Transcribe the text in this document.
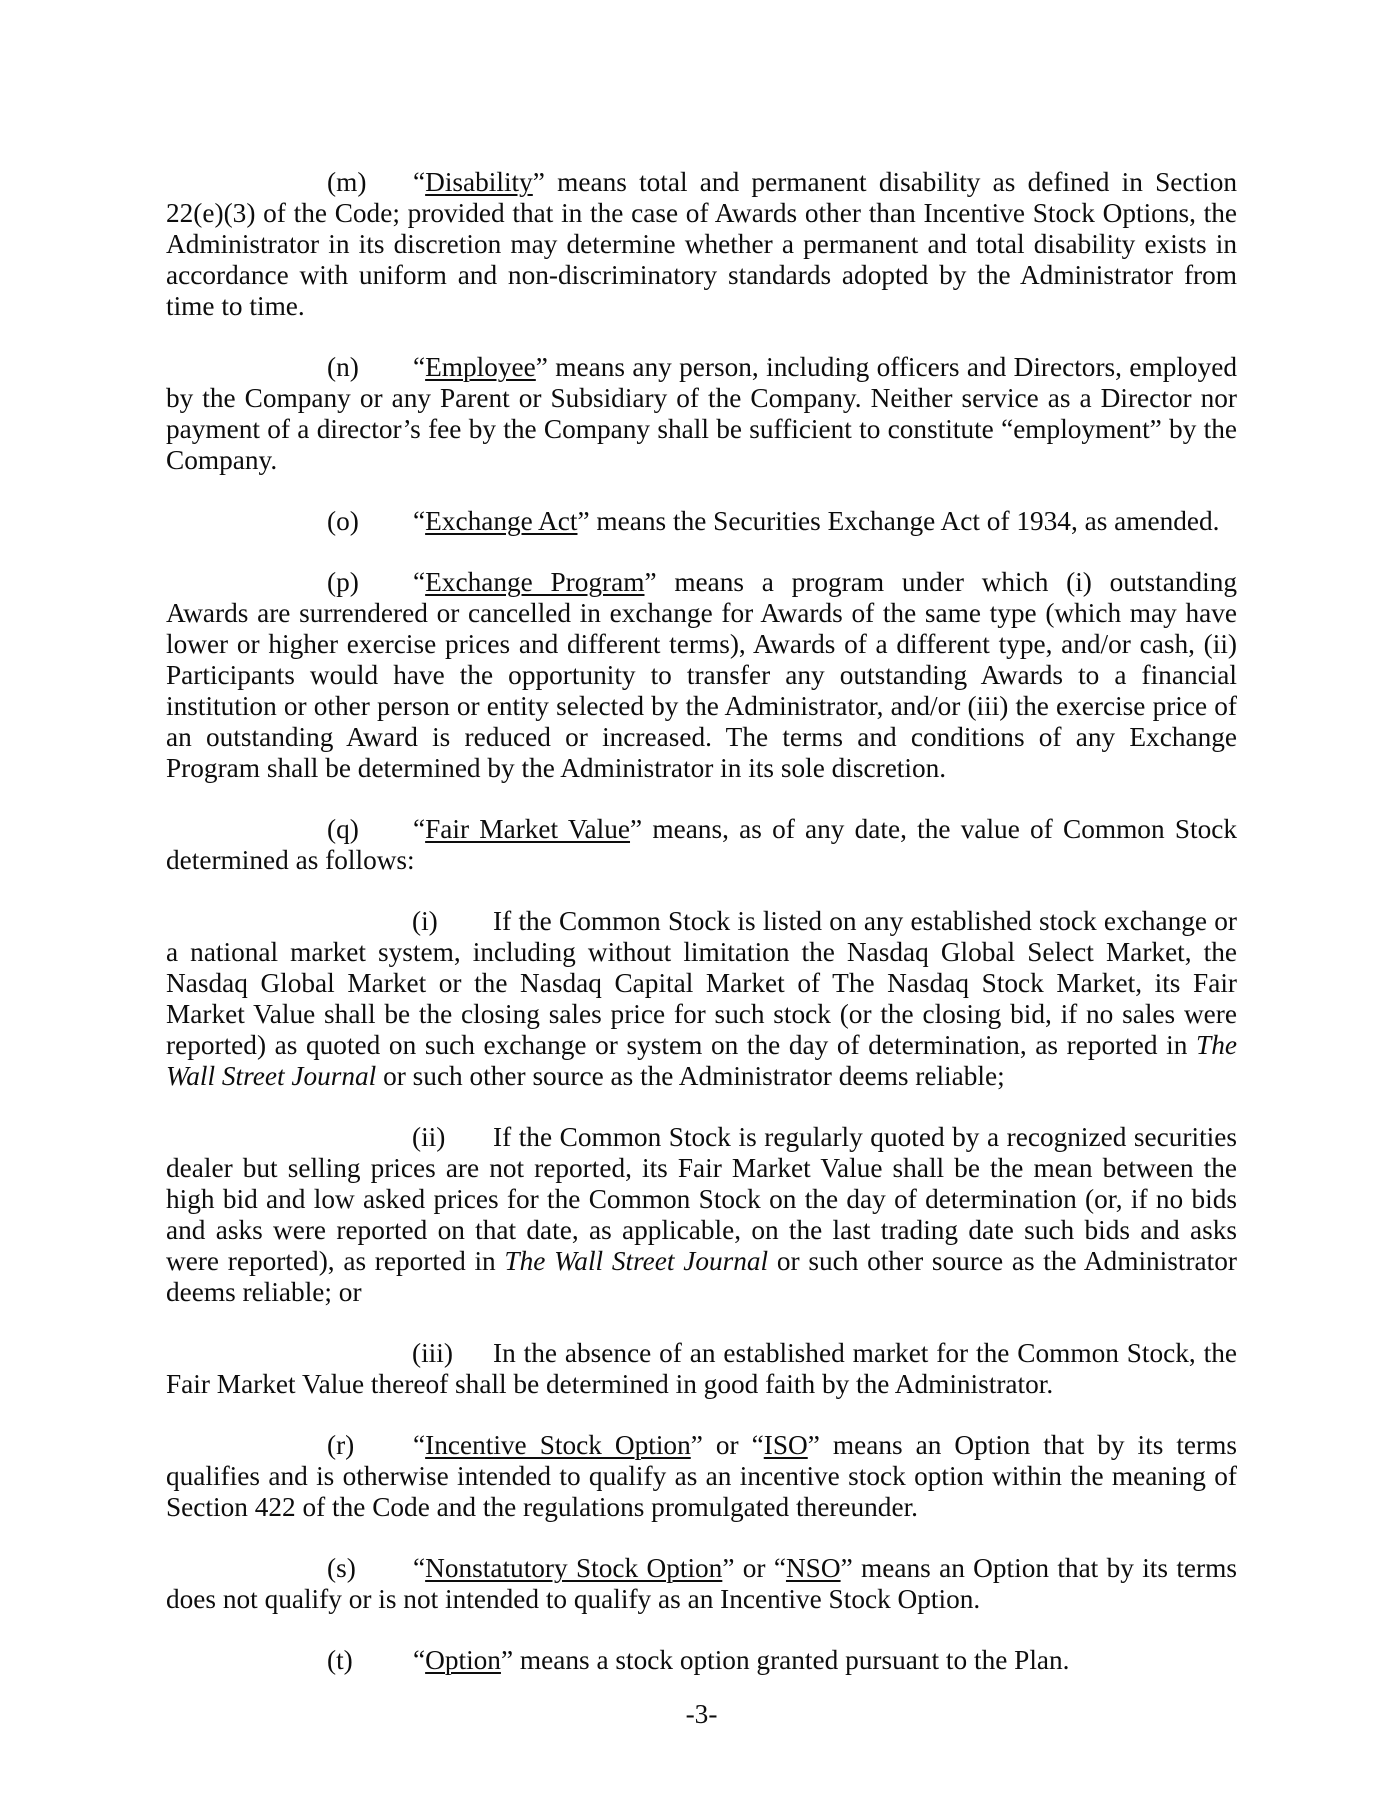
(m) “Disability” means total and permanent disability as defined in Section 22(e)(3) of the Code; provided that in the case of Awards other than Incentive Stock Options, the Administrator in its discretion may determine whether a permanent and total disability exists in accordance with uniform and non-discriminatory standards adopted by the Administrator from time to time.

(n) “Employee” means any person, including officers and Directors, employed by the Company or any Parent or Subsidiary of the Company. Neither service as a Director nor payment of a director’s fee by the Company shall be sufficient to constitute “employment” by the Company.

(o) “Exchange Act” means the Securities Exchange Act of 1934, as amended.

(p) “Exchange Program” means a program under which (i) outstanding Awards are surrendered or cancelled in exchange for Awards of the same type (which may have lower or higher exercise prices and different terms), Awards of a different type, and/or cash, (ii) Participants would have the opportunity to transfer any outstanding Awards to a financial institution or other person or entity selected by the Administrator, and/or (iii) the exercise price of an outstanding Award is reduced or increased. The terms and conditions of any Exchange Program shall be determined by the Administrator in its sole discretion.

(q) “Fair Market Value” means, as of any date, the value of Common Stock determined as follows:

(i) If the Common Stock is listed on any established stock exchange or a national market system, including without limitation the Nasdaq Global Select Market, the Nasdaq Global Market or the Nasdaq Capital Market of The Nasdaq Stock Market, its Fair Market Value shall be the closing sales price for such stock (or the closing bid, if no sales were reported) as quoted on such exchange or system on the day of determination, as reported in The Wall Street Journal or such other source as the Administrator deems reliable;

(ii) If the Common Stock is regularly quoted by a recognized securities dealer but selling prices are not reported, its Fair Market Value shall be the mean between the high bid and low asked prices for the Common Stock on the day of determination (or, if no bids and asks were reported on that date, as applicable, on the last trading date such bids and asks were reported), as reported in The Wall Street Journal or such other source as the Administrator deems reliable; or

(iii) In the absence of an established market for the Common Stock, the Fair Market Value thereof shall be determined in good faith by the Administrator.

(r) “Incentive Stock Option” or “ISO” means an Option that by its terms qualifies and is otherwise intended to qualify as an incentive stock option within the meaning of Section 422 of the Code and the regulations promulgated thereunder.

(s) “Nonstatutory Stock Option” or “NSO” means an Option that by its terms does not qualify or is not intended to qualify as an Incentive Stock Option.

(t) “Option” means a stock option granted pursuant to the Plan.

-3-
